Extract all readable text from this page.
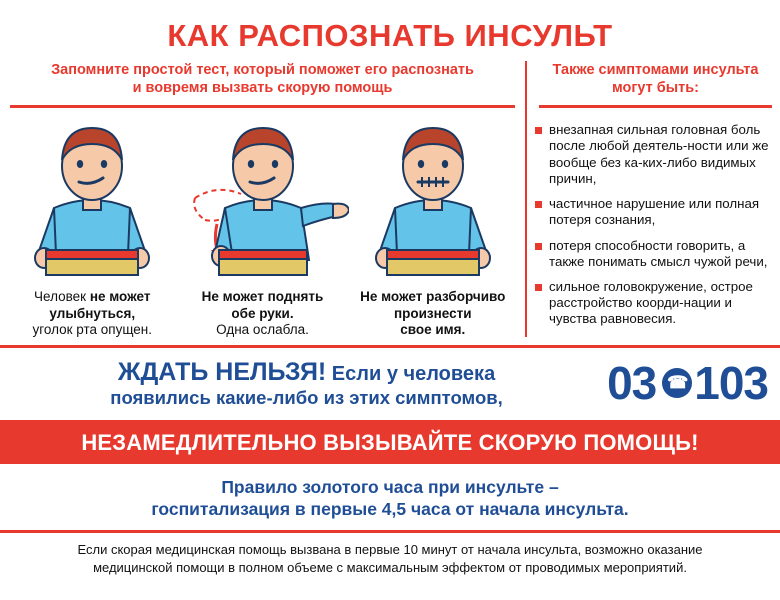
КАК РАСПОЗНАТЬ ИНСУЛЬТ
Запомните простой тест, который поможет его распознать
и вовремя вызвать скорую помощь
Человек не может
улыбнуться,
уголок рта опущен.
Не может поднять
обе руки.
Одна ослабла.
Не может разборчиво
произнести
свое имя.
Также симптомами инсульта
могут быть:
внезапная сильная головная боль после любой деятель-ности или же вообще без ка-ких-либо видимых причин,
частичное нарушение или полная потеря сознания,
потеря способности говорить, а также понимать смысл чужой речи,
сильное головокружение, острое расстройство коорди-нации и чувства равновесия.
ЖДАТЬ НЕЛЬЗЯ! Если у человека
появились какие-либо из этих симптомов,	03 ☎ 103
НЕЗАМЕДЛИТЕЛЬНО ВЫЗЫВАЙТЕ СКОРУЮ ПОМОЩЬ!
Правило золотого часа при инсульте –
госпитализация в первые 4,5 часа от начала инсульта.
Если скорая медицинская помощь вызвана в первые 10 минут от начала инсульта, возможно оказание
медицинской помощи в полном объеме с максимальным эффектом от проводимых мероприятий.
